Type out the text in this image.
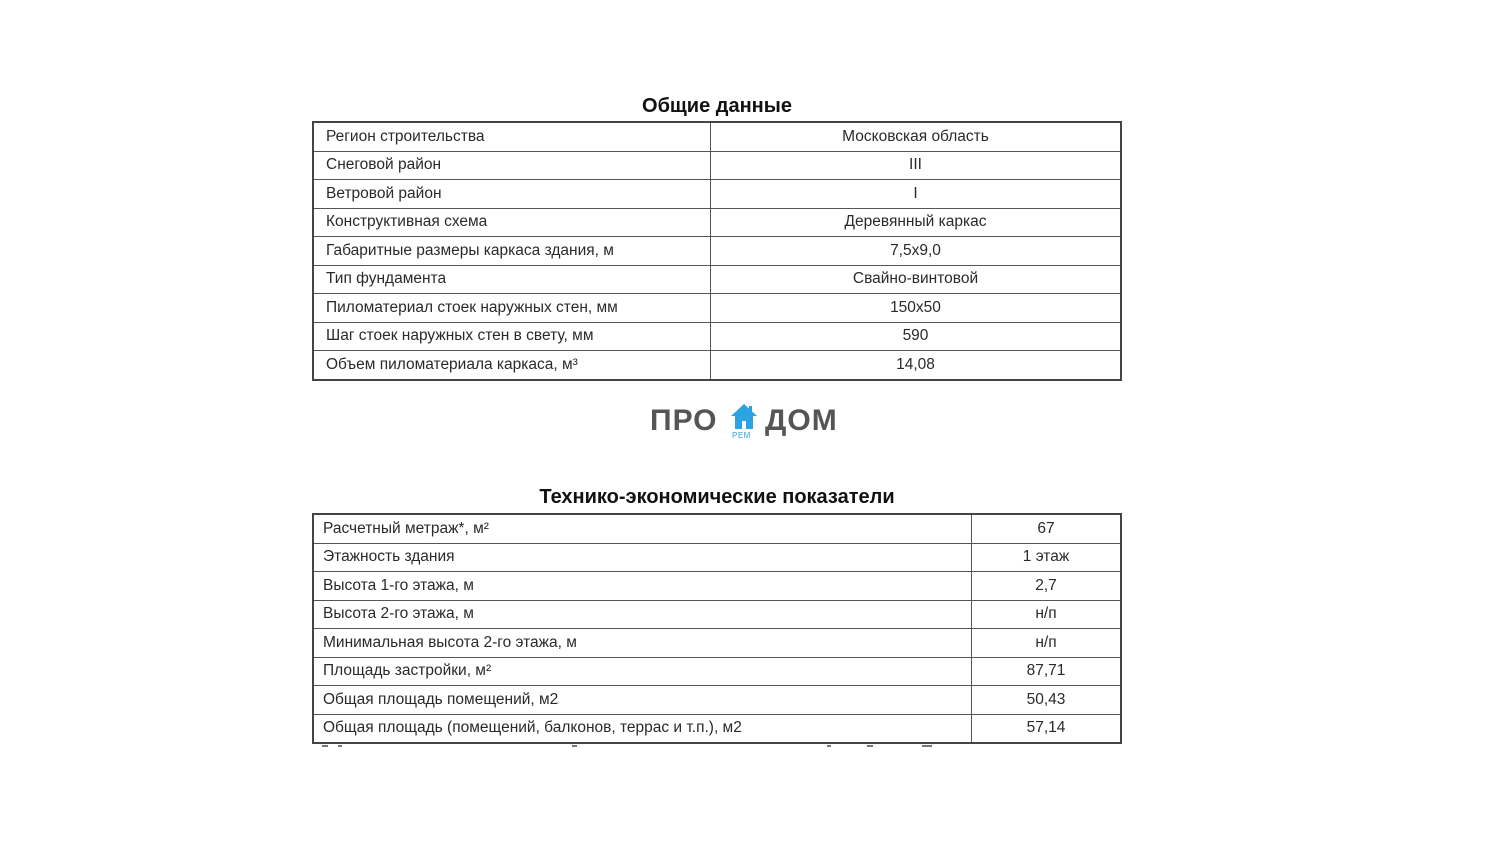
Общие данные
Регион строительства	Московская область
Снеговой район	III
Ветровой район	I
Конструктивная схема	Деревянный каркас
Габаритные размеры каркаса здания, м	7,5х9,0
Тип фундамента	Свайно-винтовой
Пиломатериал стоек наружных стен, мм	150х50
Шаг стоек наружных стен в свету, мм	590
Объем пиломатериала каркаса, м³	14,08
ПРО РЕМ ДОМ
Технико-экономические показатели
Расчетный метраж*, м²	67
Этажность здания	1 этаж
Высота 1-го этажа, м	2,7
Высота 2-го этажа, м	н/п
Минимальная высота 2-го этажа, м	н/п
Площадь застройки, м²	87,71
Общая площадь помещений, м2	50,43
Общая площадь (помещений, балконов, террас и т.п.), м2	57,14
